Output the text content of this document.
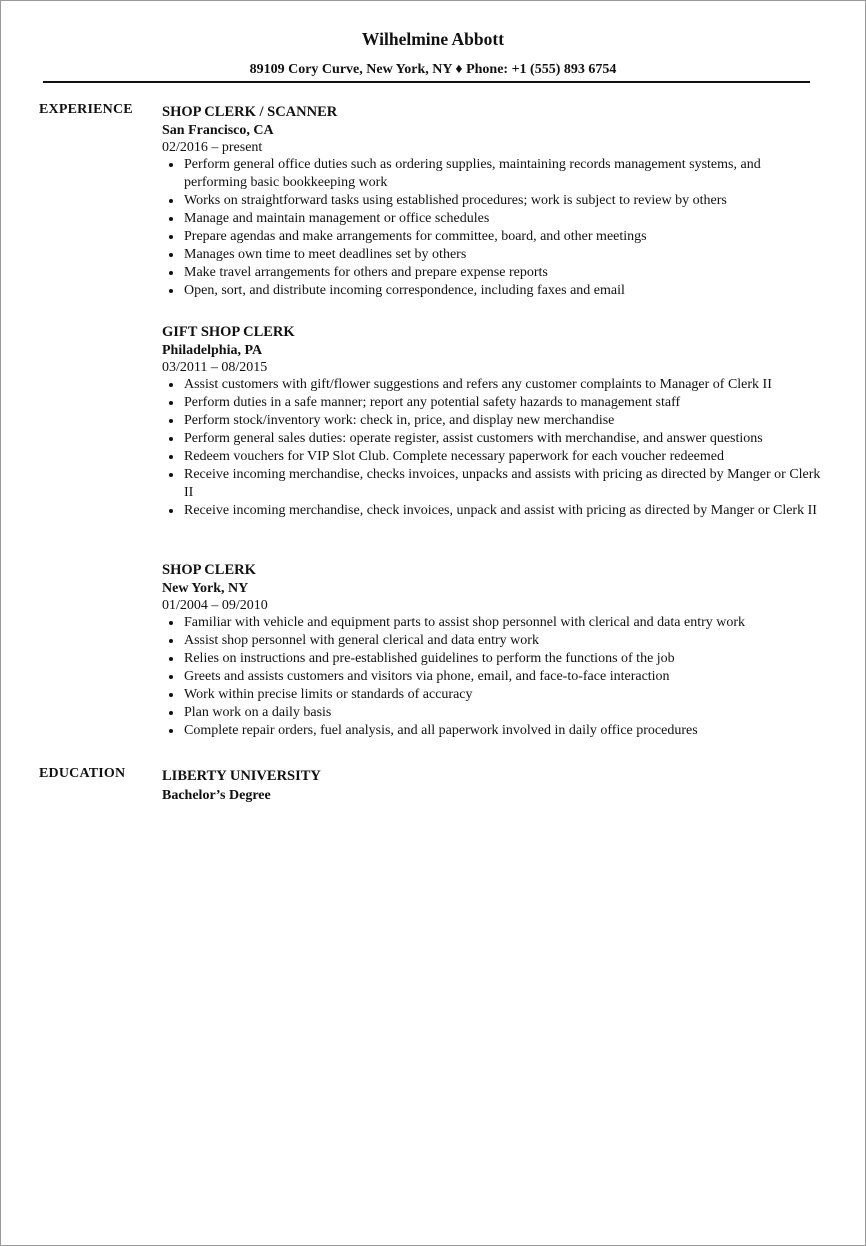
Wilhelmine Abbott
89109 Cory Curve, New York, NY ♦ Phone: +1 (555) 893 6754
EXPERIENCE SHOP CLERK / SCANNER
San Francisco, CA
02/2016 – present
Perform general office duties such as ordering supplies, maintaining records management systems, and performing basic bookkeeping work
Works on straightforward tasks using established procedures; work is subject to review by others
Manage and maintain management or office schedules
Prepare agendas and make arrangements for committee, board, and other meetings
Manages own time to meet deadlines set by others
Make travel arrangements for others and prepare expense reports
Open, sort, and distribute incoming correspondence, including faxes and email
GIFT SHOP CLERK
Philadelphia, PA
03/2011 – 08/2015
Assist customers with gift/flower suggestions and refers any customer complaints to Manager of Clerk II
Perform duties in a safe manner; report any potential safety hazards to management staff
Perform stock/inventory work: check in, price, and display new merchandise
Perform general sales duties: operate register, assist customers with merchandise, and answer questions
Redeem vouchers for VIP Slot Club. Complete necessary paperwork for each voucher redeemed
Receive incoming merchandise, checks invoices, unpacks and assists with pricing as directed by Manger or Clerk II
Receive incoming merchandise, check invoices, unpack and assist with pricing as directed by Manger or Clerk II
SHOP CLERK
New York, NY
01/2004 – 09/2010
Familiar with vehicle and equipment parts to assist shop personnel with clerical and data entry work
Assist shop personnel with general clerical and data entry work
Relies on instructions and pre-established guidelines to perform the functions of the job
Greets and assists customers and visitors via phone, email, and face-to-face interaction
Work within precise limits or standards of accuracy
Plan work on a daily basis
Complete repair orders, fuel analysis, and all paperwork involved in daily office procedures
EDUCATION	LIBERTY UNIVERSITY
Bachelor’s Degree
